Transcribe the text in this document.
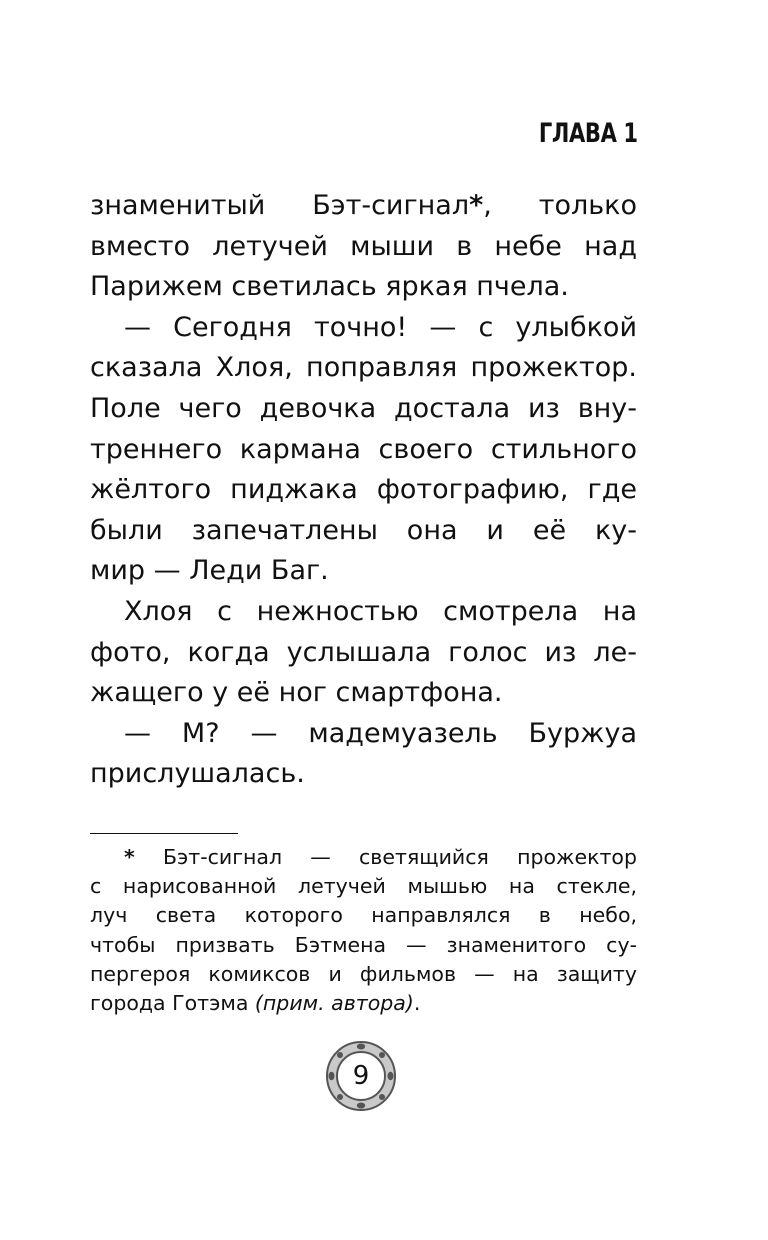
ГЛАВА 1

знаменитый Бэт-сигнал*, только

вместо летучей мыши в небе над

Парижем светилась яркая пчела.

— Сегодня точно! — с улыбкой

сказала Хлоя, поправляя прожектор.

Поле чего девочка достала из вну-

треннего кармана своего стильного

жёлтого пиджака фотографию, где

были запечатлены она и её ку-

мир — Леди Баг.

Хлоя с нежностью смотрела на

фото, когда услышала голос из ле-

жащего у её ног смартфона.

— М? — мадемуазель Буржуа

прислушалась.

* Бэт-сигнал — светящийся прожектор

с нарисованной летучей мышью на стекле,

луч света которого направлялся в небо,

чтобы призвать Бэтмена — знаменитого су-

пергероя комиксов и фильмов — на защиту

города Готэма (прим. автора).

9
